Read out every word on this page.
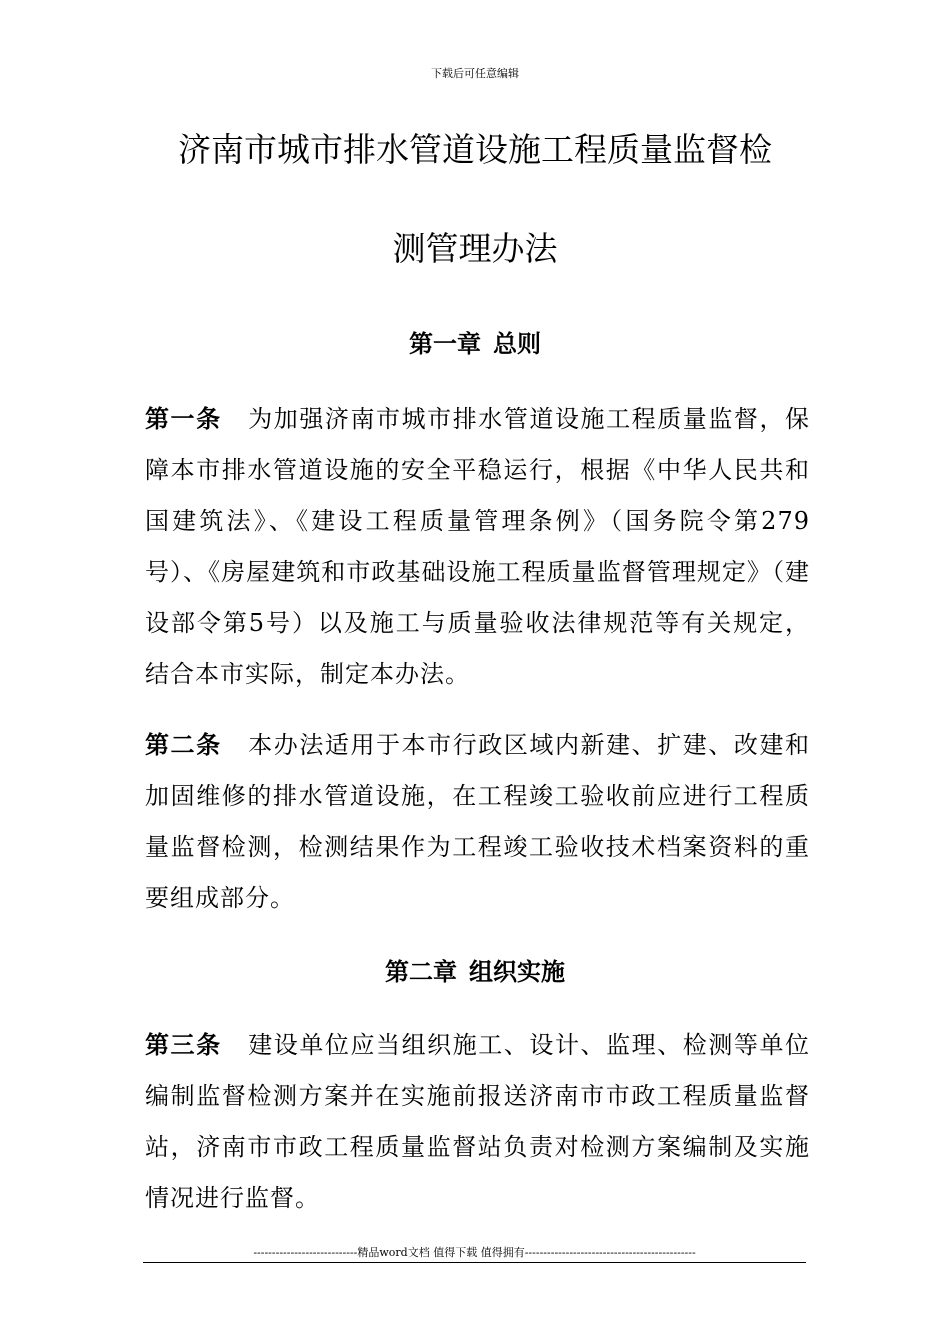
下载后可任意编辑
济南市城市排水管道设施工程质量监督检
测管理办法
第一章 总则
第一条 为加强济南市城市排水管道设施工程质量监督，保障本市排水管道设施的安全平稳运行，根据《中华人民共和国建筑法》、《建设工程质量管理条例》（国务院令第279号）、《房屋建筑和市政基础设施工程质量监督管理规定》（建设部令第5号）以及施工与质量验收法律规范等有关规定，结合本市实际，制定本办法。
第二条 本办法适用于本市行政区域内新建、扩建、改建和加固维修的排水管道设施，在工程竣工验收前应进行工程质量监督检测，检测结果作为工程竣工验收技术档案资料的重要组成部分。
第二章 组织实施
第三条 建设单位应当组织施工、设计、监理、检测等单位编制监督检测方案并在实施前报送济南市市政工程质量监督站，济南市市政工程质量监督站负责对检测方案编制及实施情况进行监督。
----------------------------精品word文档 值得下载 值得拥有----------------------------------------------
